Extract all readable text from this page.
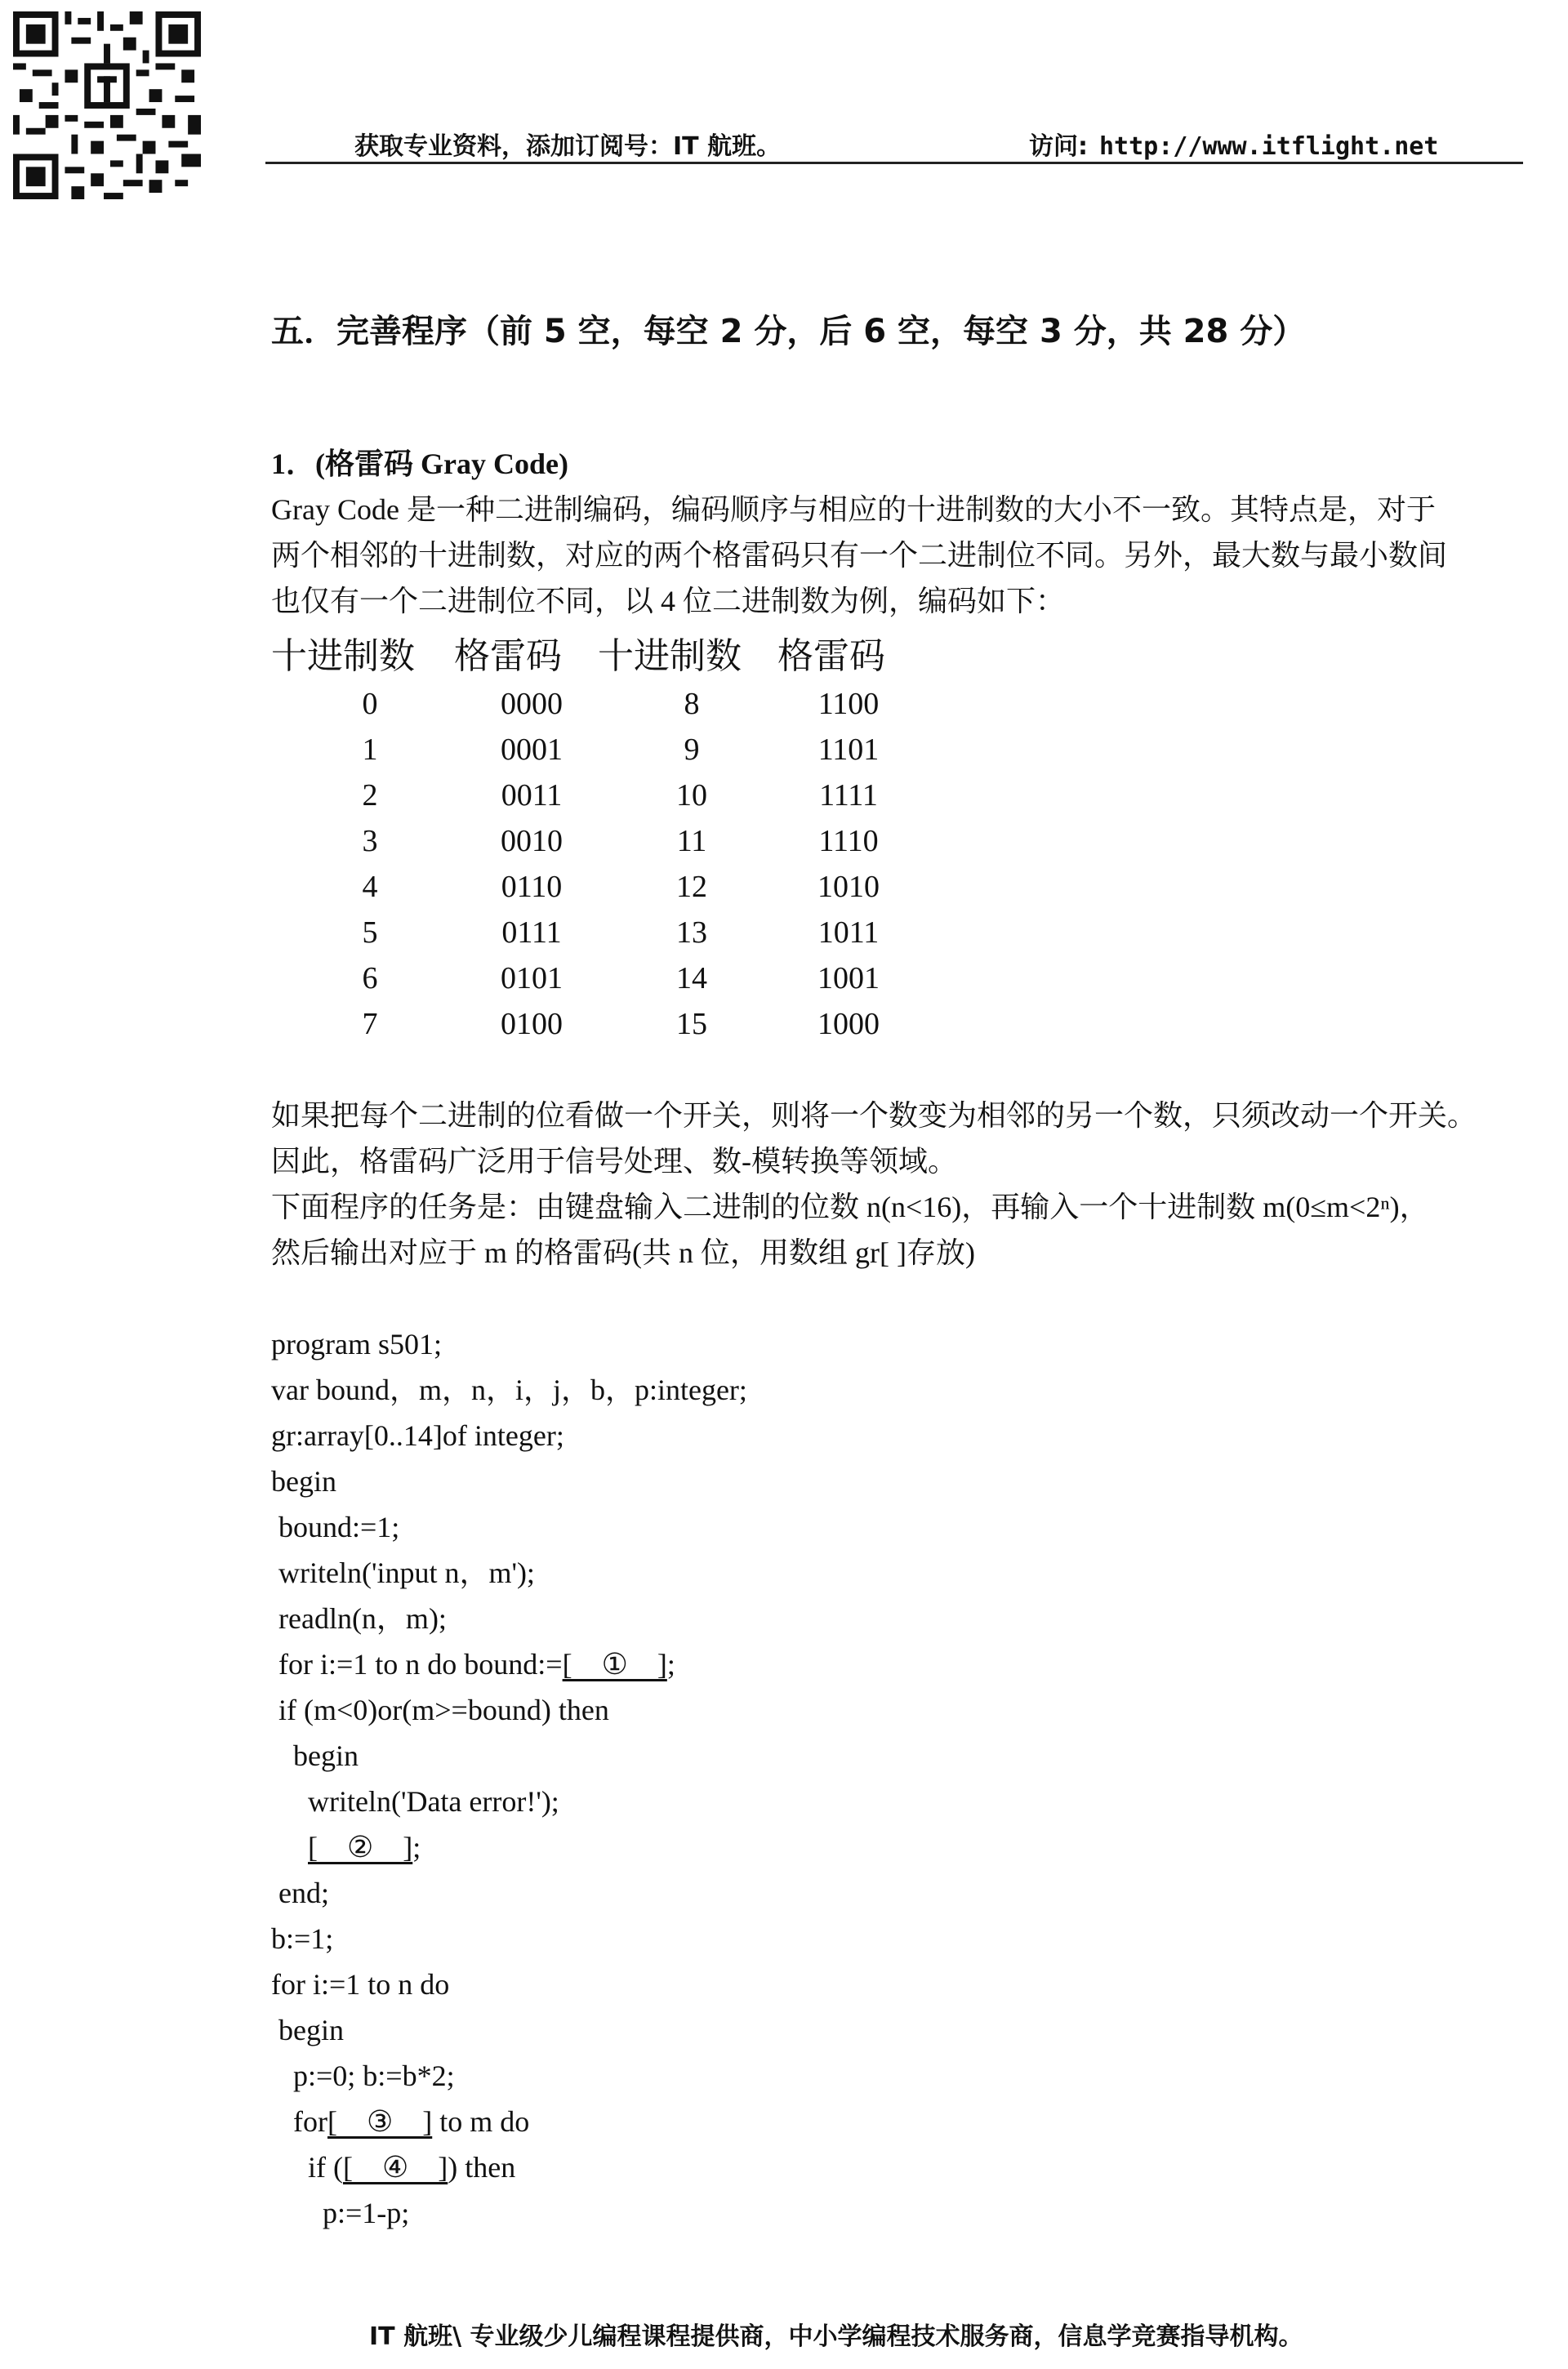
获取专业资料，添加订阅号：IT 航班。	访问: http://www.itflight.net
五．完善程序（前 5 空，每空 2 分，后 6 空，每空 3 分，共 28 分）
1．(格雷码 Gray Code)

Gray Code 是一种二进制编码，编码顺序与相应的十进制数的大小不一致。其特点是，对于

两个相邻的十进制数，对应的两个格雷码只有一个二进制位不同。另外，最大数与最小数间

也仅有一个二进制位不同，以 4 位二进制数为例，编码如下：

十进制数	格雷码	十进制数	格雷码
0	0000	8	1100
1	0001	9	1101
2	0011	10	1111
3	0010	11	1110
4	0110	12	1010
5	0111	13	1011
6	0101	14	1001
7	0100	15	1000

如果把每个二进制的位看做一个开关，则将一个数变为相邻的另一个数，只须改动一个开关。

因此，格雷码广泛用于信号处理、数-模转换等领域。

下面程序的任务是：由键盘输入二进制的位数 n(n<16)，再输入一个十进制数 m(0≤m<2ⁿ)，

然后输出对应于 m 的格雷码(共 n 位，用数组 gr[ ]存放)

program s501;
var bound，m，n，i，j，b，p:integer;
gr:array[0..14]of integer;
begin
bound:=1;
writeln('input n，m');
readln(n，m);
for i:=1 to n do bound:=[    ①    ];
if (m<0)or(m>=bound) then
begin
writeln('Data error!');
[    ②    ];
end;
b:=1;
for i:=1 to n do
begin
p:=0; b:=b*2;
for[    ③    ] to m do
if ([    ④    ]) then
p:=1-p;
IT 航班\ 专业级少儿编程课程提供商，中小学编程技术服务商，信息学竞赛指导机构。
